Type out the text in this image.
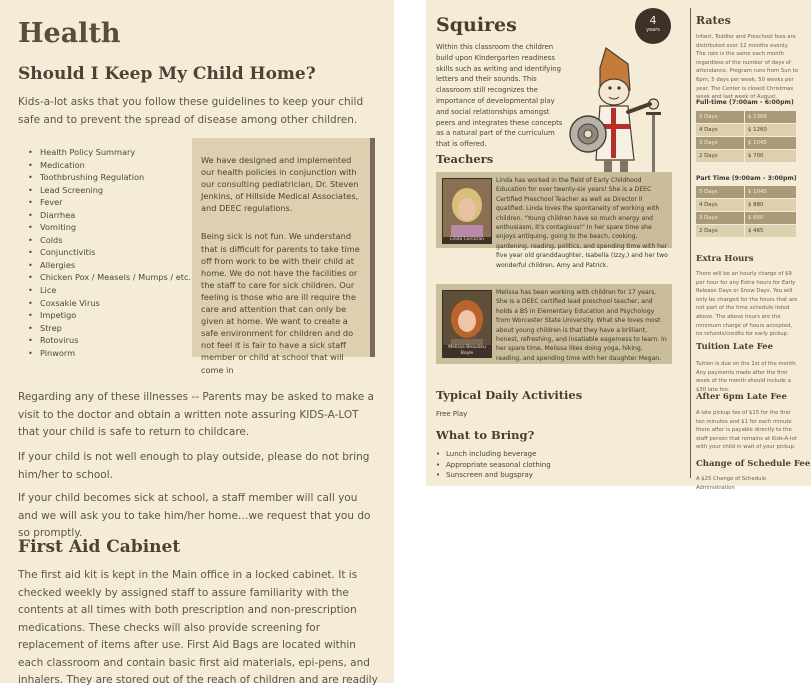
Health
Should I Keep My Child Home?
Kids-a-lot asks that you follow these guidelines to keep your child safe and to prevent the spread of disease among other children.
• Health Policy Summary
• Medication
• Toothbrushing Regulation
• Lead Screening
• Fever
• Diarrhea
• Vomiting
• Colds
• Conjunctivitis
• Allergies
• Chicken Pox / Measels / Mumps / etc.
• Lice
• Coxsakie Virus
• Impetigo
• Strep
• Rotovirus
• Pinworm

We have designed and implemented our health policies in conjunction with our consulting pediatrician, Dr. Steven Jenkins, of Hillside Medical Associates, and DEEC regulations.

Being sick is not fun. We understand that is difficult for parents to take time off from work to be with their child at home. We do not have the facilities or the staff to care for sick children. Our feeling is those who are ill require the care and attention that can only be given at home. We want to create a safe environment for children and do not feel it is fair to have a sick staff member or child at school that will come in

Regarding any of these illnesses -- Parents may be asked to make a visit to the doctor and obtain a written note assuring KIDS-A-LOT that your child is safe to return to childcare.
If your child is not well enough to play outside, please do not bring him/her to school.
If your child becomes sick at school, a staff member will call you and we will ask you to take him/her home…we request that you do so promptly.
First Aid Cabinet
The first aid kit is kept in the Main office in a locked cabinet. It is checked weekly by assigned staff to assure familiarity with the contents at all times with both prescription and non-prescription medications. These checks will also provide screening for replacement of items after use. First Aid Bags are located within each classroom and contain basic first aid materials, epi-pens, and inhalers. They are stored out of the reach of children and are readily
Squires	4
years
Within this classroom the children build upon Kindergarten readiness skills such as writing and identifying letters and their sounds. This classroom still recognizes the importance of developmental play and social relationships amongst peers and integrates these concepts as a natural part of the curriculum that is offered.
Teachers
Linda Corcoran
Linda has worked in the field of Early Childhood Education for over twenty-six years! She is a DEEC Certified Preschool Teacher as well as Director II qualified. Linda loves the spontaneity of working with children. "Young children have so much energy and enthusiasm, it's contagious!" In her spare time she enjoys antiquing, going to the beach, cooking, gardening, reading, politics, and spending time with her five year old granddaughter, Isabella (Izzy,) and her two wonderful children, Amy and Patrick.
Melissa Beaulieu Boyle
Melissa has been working with children for 17 years. She is a DEEC certified lead preschool teacher, and holds a BS in Elementary Education and Psychology from Worcester State University. What she loves most about young children is that they have a brilliant, honest, refreshing, and insatiable eagerness to learn. In her spare time, Melissa likes doing yoga, hiking, reading, and spending time with her daughter Megan.
Typical Daily Activities
Free Play
What to Bring?
• Lunch including beverage
• Appropriate seasonal clothing
• Sunscreen and bugspray
Rates
Infant, Toddler and Preschool fees are distributed over 12 months evenly. The rate is the same each month regardless of the number of days of attendance. Program runs from Sun to 6pm, 5 days per week, 50 weeks per year. The Center is closed Christmas week and last week of August.
Full-time (7:00am - 6:00pm)
5 Days	$ 1366
4 Days	$ 1260
3 Days	$ 1045
2 Days	$ 700
Part Time (9:00am - 3:00pm)
5 Days	$ 1045
4 Days	$ 880
3 Days	$ 660
2 Days	$ 465
Extra Hours
There will be an hourly charge of $9 per hour for any Extra hours for Early Release Days or Snow Days. You will only be charged for the hours that are not part of the time schedule listed above. The above hours are the minimum charge of hours accepted, no refunds/credits for early pickup.
Tuition Late Fee
Tuition is due on the 1st of the month. Any payments made after the first week of the month should include a $30 late fee.
After 6pm Late Fee
A late pickup fee of $15 for the first ten minutes and $1 for each minute there after is payable directly to the staff person that remains at Kids-A-lot with your child in wait of your pickup.
Change of Schedule Fee
A $25 Change of Schedule Administration
